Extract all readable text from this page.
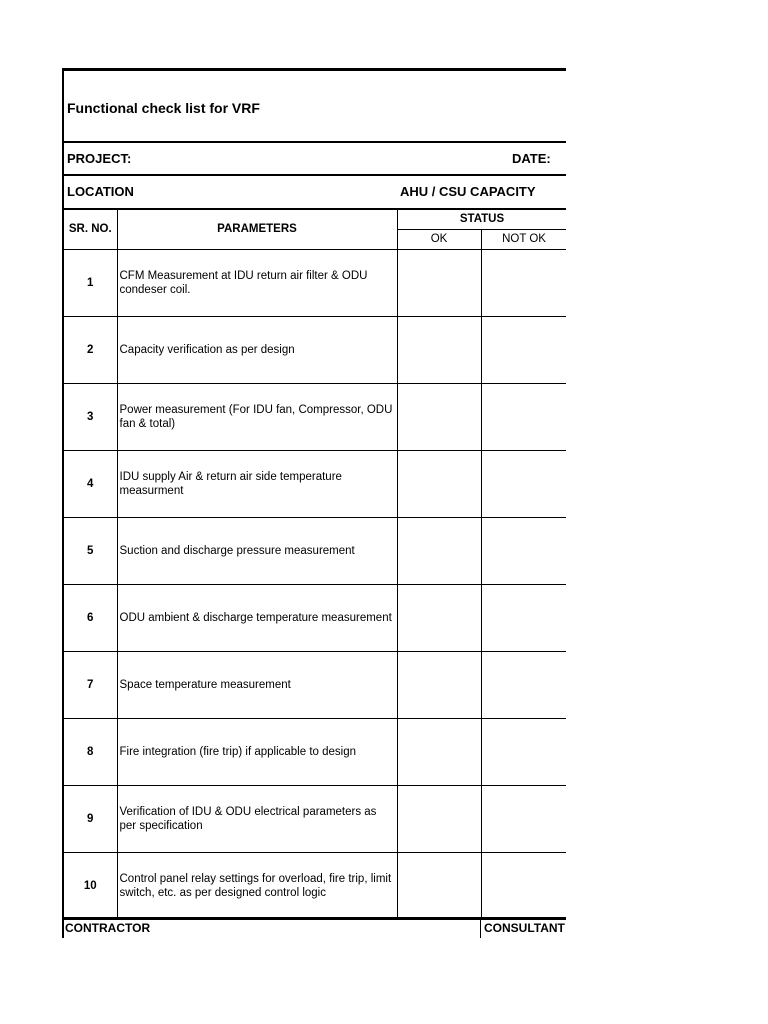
Functional check list for VRF
PROJECT:	DATE:
LOCATION	AHU / CSU CAPACITY
SR. NO.	PARAMETERS	STATUS		
		OK	NOT OK	
1	CFM Measurement at IDU return air filter & ODU condeser coil.			
2	Capacity verification as per design			
3	Power measurement (For IDU fan, Compressor, ODU fan & total)			
4	IDU supply Air & return air side temperature measurment			
5	Suction and discharge pressure measurement			
6	ODU ambient & discharge temperature measurement			
7	Space temperature measurement			
8	Fire integration (fire trip) if applicable to design			
9	Verification of IDU & ODU electrical parameters as per specification			
10	Control panel relay settings for overload, fire trip, limit switch, etc. as per designed control logic			
CONTRACTOR	CONSULTANT
